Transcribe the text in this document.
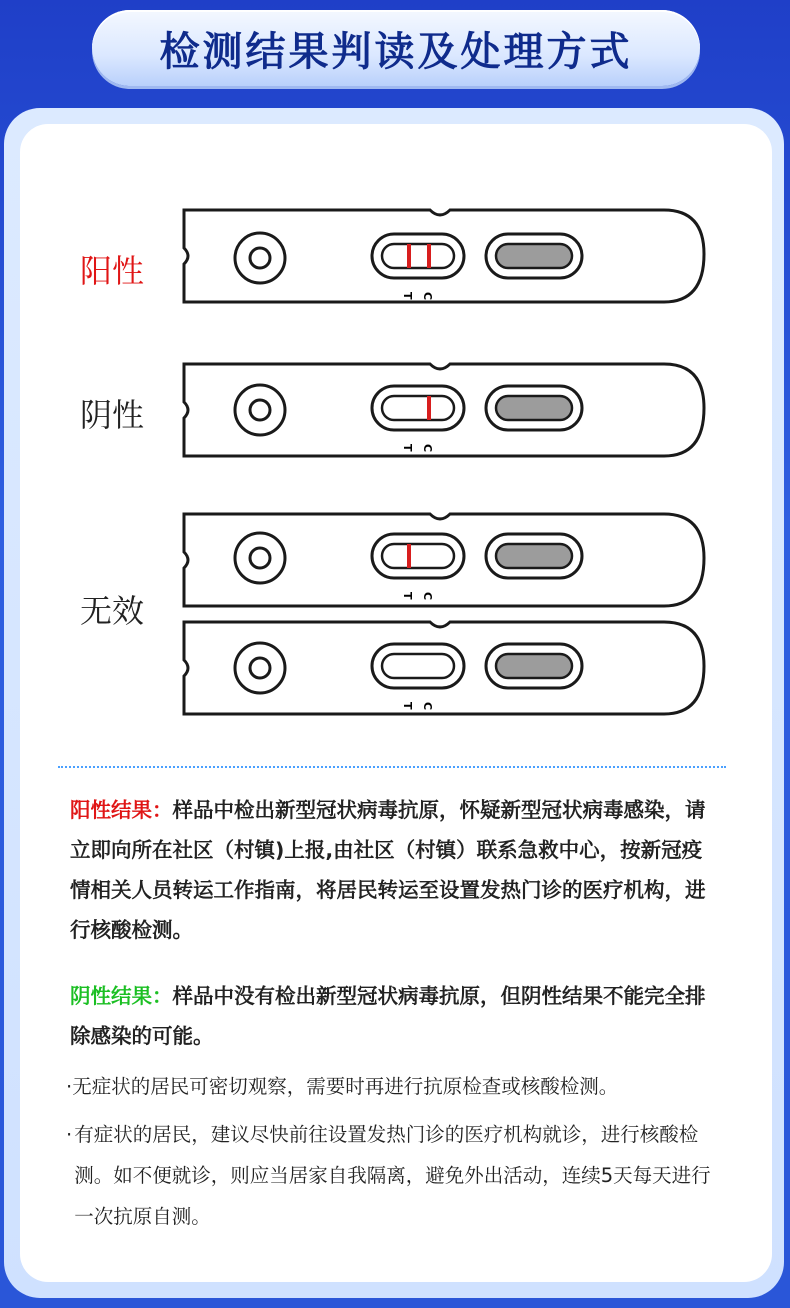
检测结果判读及处理方式
阳性
阴性
无效
T C
T C
T C
T C
阳性结果：样品中检出新型冠状病毒抗原，怀疑新型冠状病毒感染，请立即向所在社区（村镇)上报,由社区（村镇）联系急救中心，按新冠疫情相关人员转运工作指南，将居民转运至设置发热门诊的医疗机构，进行核酸检测。
阴性结果：样品中没有检出新型冠状病毒抗原，但阴性结果不能完全排除感染的可能。
· 无症状的居民可密切观察，需要时再进行抗原检查或核酸检测。
· 有症状的居民，建议尽快前往设置发热门诊的医疗机构就诊，进行核酸检测。如不便就诊，则应当居家自我隔离，避免外出活动，连续5天每天进行一次抗原自测。
